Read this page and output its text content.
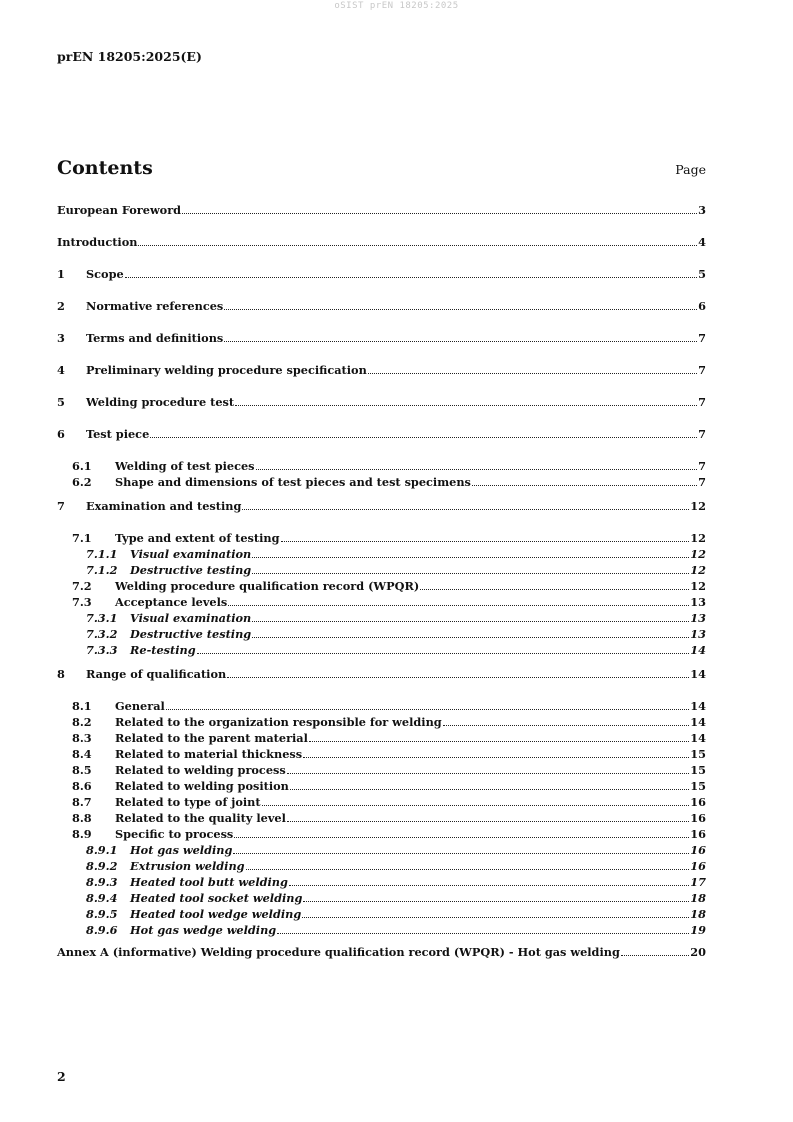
oSIST prEN 18205:2025
prEN 18205:2025(E)
Contents	Page
European Foreword	3
Introduction	4
1	Scope	5
2	Normative references	6
3	Terms and definitions	7
4	Preliminary welding procedure specification	7
5	Welding procedure test	7
6	Test piece	7
6.1	Welding of test pieces	7
6.2	Shape and dimensions of test pieces and test specimens	7
7	Examination and testing	12
7.1	Type and extent of testing	12
7.1.1	Visual examination	12
7.1.2	Destructive testing	12
7.2	Welding procedure qualification record (WPQR)	12
7.3	Acceptance levels	13
7.3.1	Visual examination	13
7.3.2	Destructive testing	13
7.3.3	Re-testing	14
8	Range of qualification	14
8.1	General	14
8.2	Related to the organization responsible for welding	14
8.3	Related to the parent material	14
8.4	Related to material thickness	15
8.5	Related to welding process	15
8.6	Related to welding position	15
8.7	Related to type of joint	16
8.8	Related to the quality level	16
8.9	Specific to process	16
8.9.1	Hot gas welding	16
8.9.2	Extrusion welding	16
8.9.3	Heated tool butt welding	17
8.9.4	Heated tool socket welding	18
8.9.5	Heated tool wedge welding	18
8.9.6	Hot gas wedge welding	19
Annex A (informative) Welding procedure qualification record (WPQR) - Hot gas welding	20
2
